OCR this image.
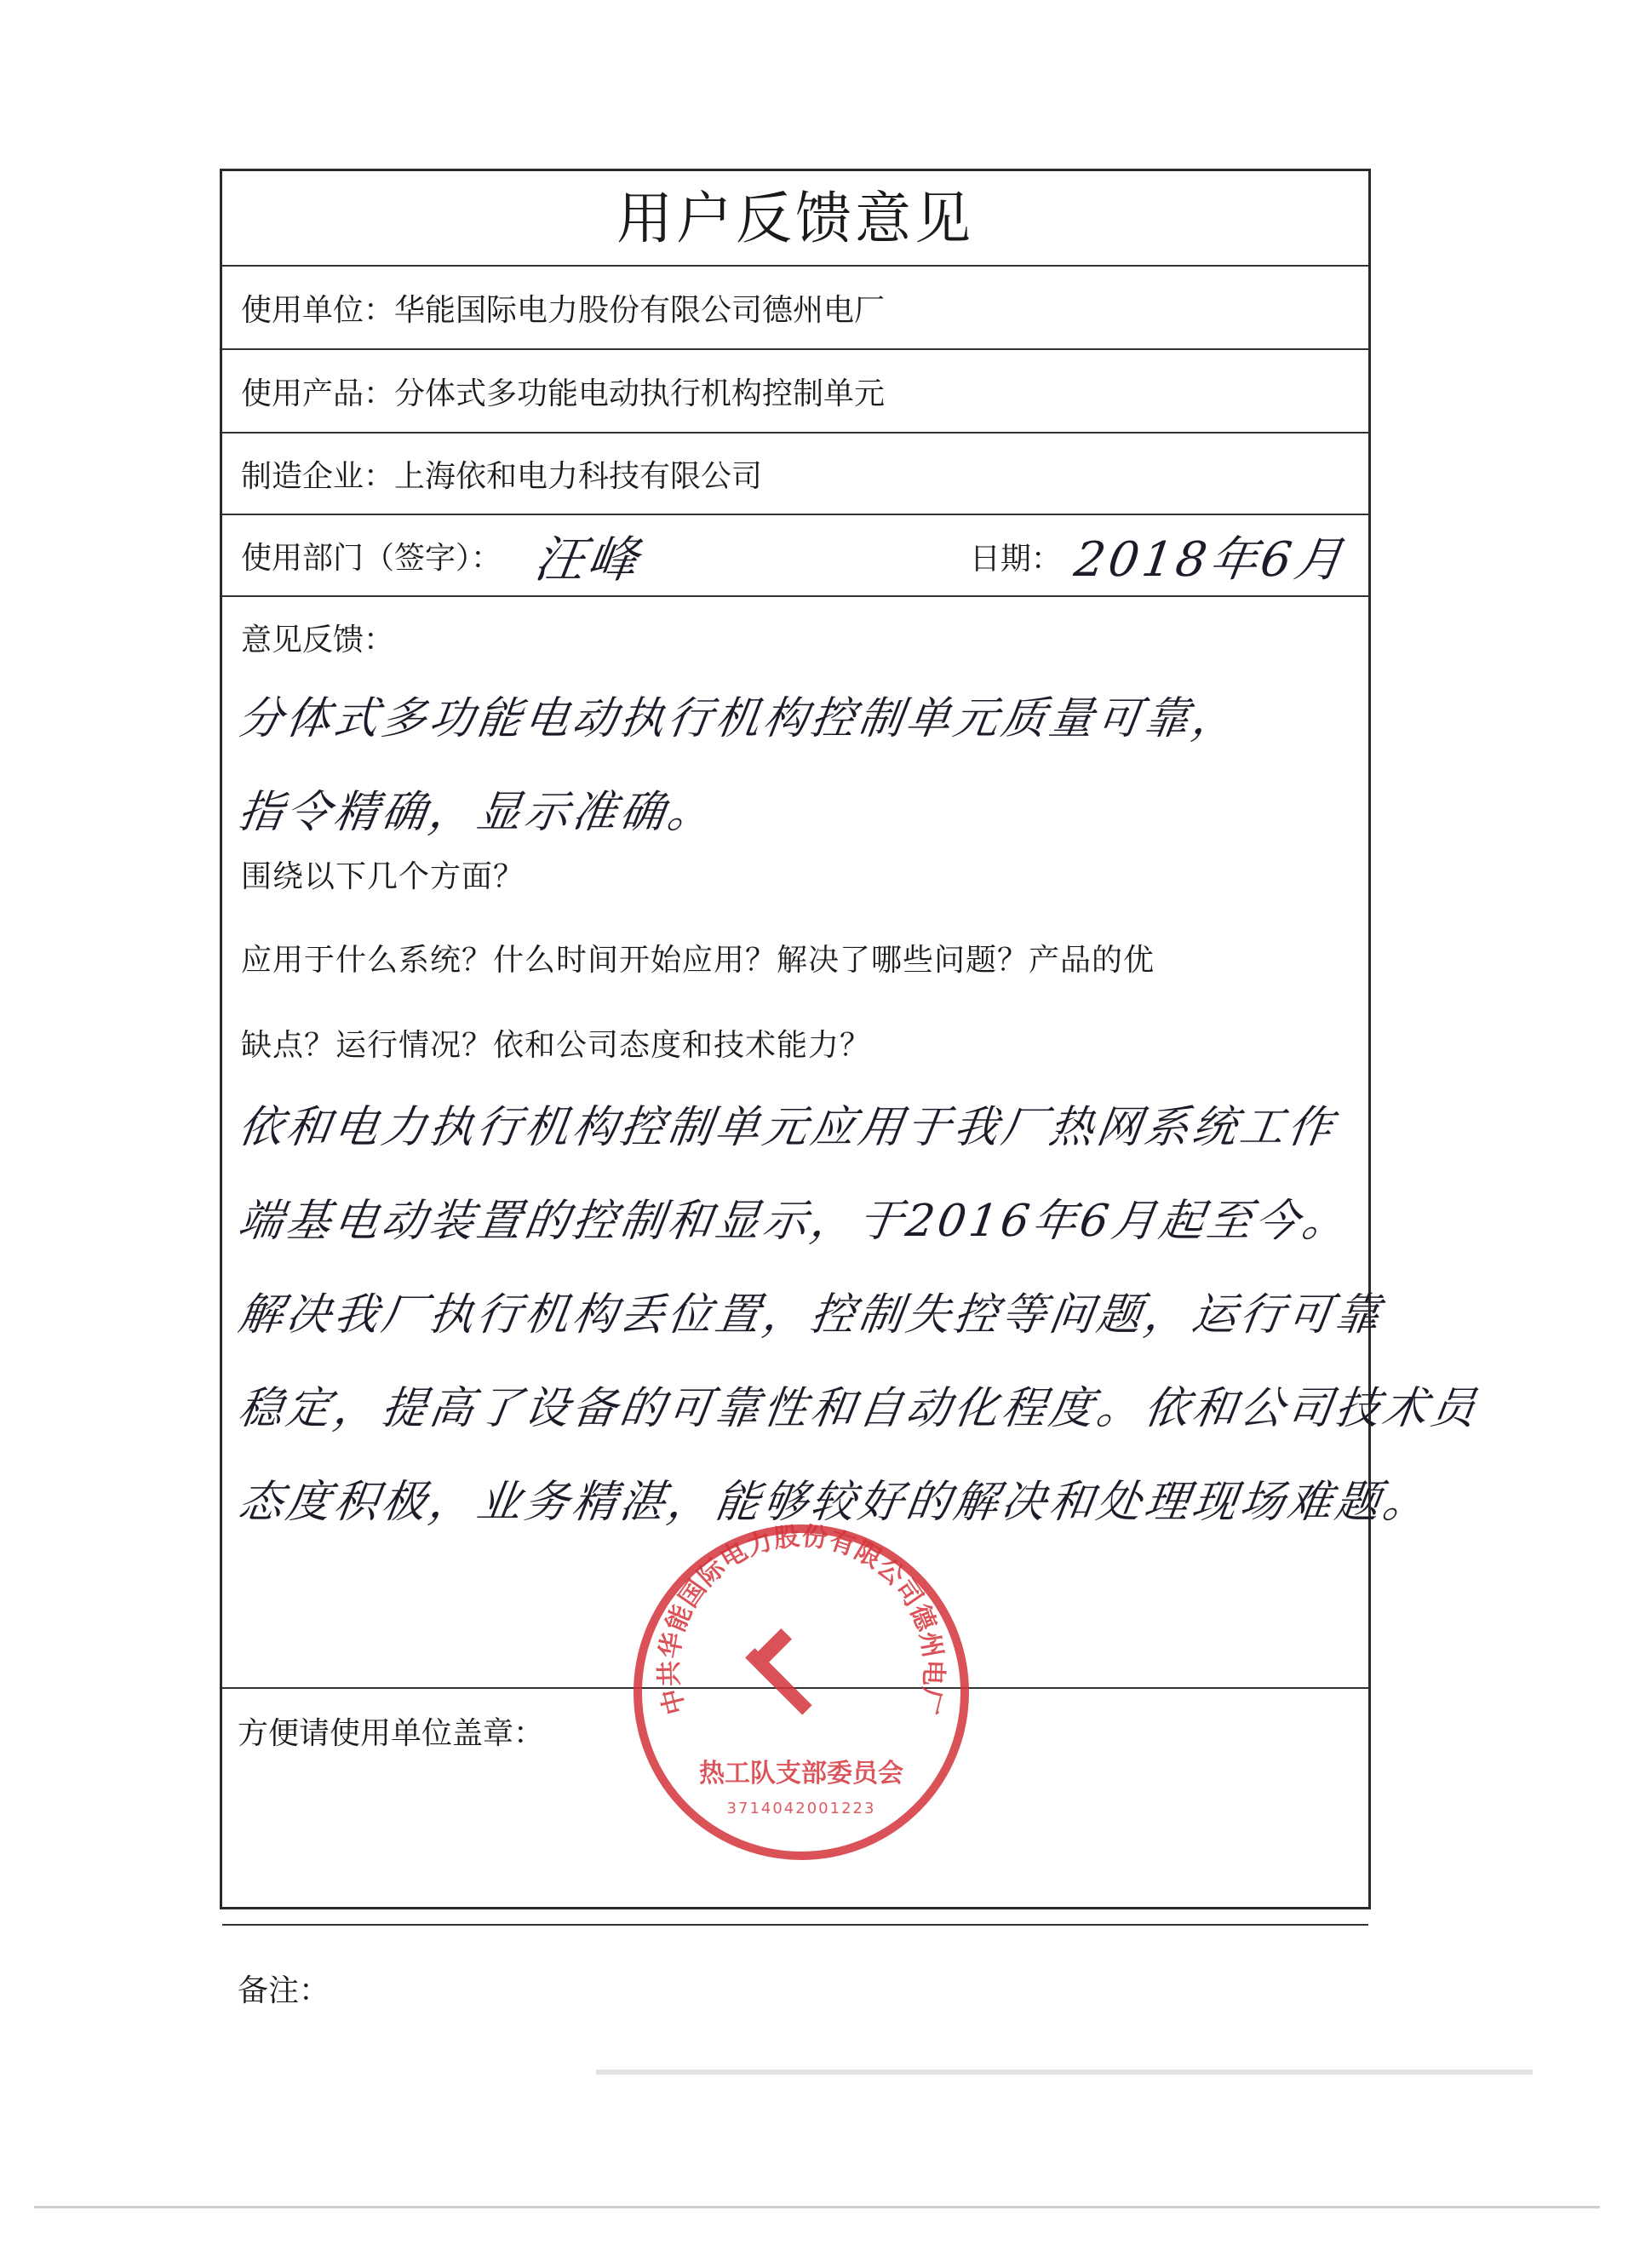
用户反馈意见
使用单位： 华能国际电力股份有限公司德州电厂
使用产品： 分体式多功能电动执行机构控制单元
制造企业： 上海依和电力科技有限公司
使用部门（签字）： 汪峰	日期： 2018年6月
意见反馈：
分体式多功能电动执行机构控制单元质量可靠，
指令精确，显示准确。
围绕以下几个方面？
应用于什么系统？什么时间开始应用？解决了哪些问题？产品的优
缺点？运行情况？依和公司态度和技术能力？
依和电力执行机构控制单元应用于我厂热网系统工作
端基电动装置的控制和显示，于2016年6月起至今。
解决我厂执行机构丢位置，控制失控等问题，运行可靠
稳定，提高了设备的可靠性和自动化程度。依和公司技术员
态度积极，业务精湛，能够较好的解决和处理现场难题。
方便请使用单位盖章：
备注：
中共华能国际电力股份有限公司德州电厂
热工队支部委员会
3714042001223
